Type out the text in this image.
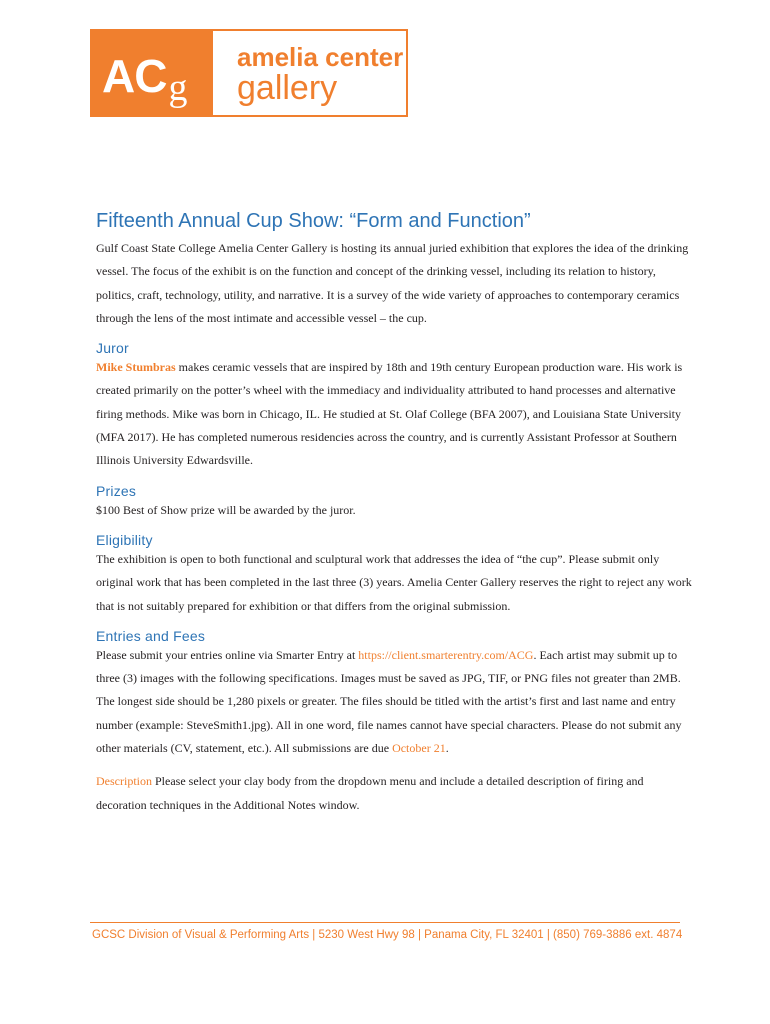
AC g
amelia center
gallery
Fifteenth Annual Cup Show: “Form and Function”

Gulf Coast State College Amelia Center Gallery is hosting its annual juried exhibition that explores the idea of the drinking vessel. The focus of the exhibit is on the function and concept of the drinking vessel, including its relation to history, politics, craft, technology, utility, and narrative. It is a survey of the wide variety of approaches to contemporary ceramics through the lens of the most intimate and accessible vessel – the cup.

Juror

Mike Stumbras makes ceramic vessels that are inspired by 18th and 19th century European production ware. His work is created primarily on the potter’s wheel with the immediacy and individuality attributed to hand processes and alternative firing methods. Mike was born in Chicago, IL. He studied at St. Olaf College (BFA 2007), and Louisiana State University (MFA 2017). He has completed numerous residencies across the country, and is currently Assistant Professor at Southern Illinois University Edwardsville.

Prizes

$100 Best of Show prize will be awarded by the juror.

Eligibility

The exhibition is open to both functional and sculptural work that addresses the idea of “the cup”. Please submit only original work that has been completed in the last three (3) years. Amelia Center Gallery reserves the right to reject any work that is not suitably prepared for exhibition or that differs from the original submission.

Entries and Fees

Please submit your entries online via Smarter Entry at https://client.smarterentry.com/ACG. Each artist may submit up to three (3) images with the following specifications. Images must be saved as JPG, TIF, or PNG files not greater than 2MB. The longest side should be 1,280 pixels or greater. The files should be titled with the artist’s first and last name and entry number (example: SteveSmith1.jpg). All in one word, file names cannot have special characters. Please do not submit any other materials (CV, statement, etc.). All submissions are due October 21.

Description Please select your clay body from the dropdown menu and include a detailed description of firing and decoration techniques in the Additional Notes window.

GCSC Division of Visual & Performing Arts | 5230 West Hwy 98 | Panama City, FL 32401 | (850) 769-3886 ext. 4874
